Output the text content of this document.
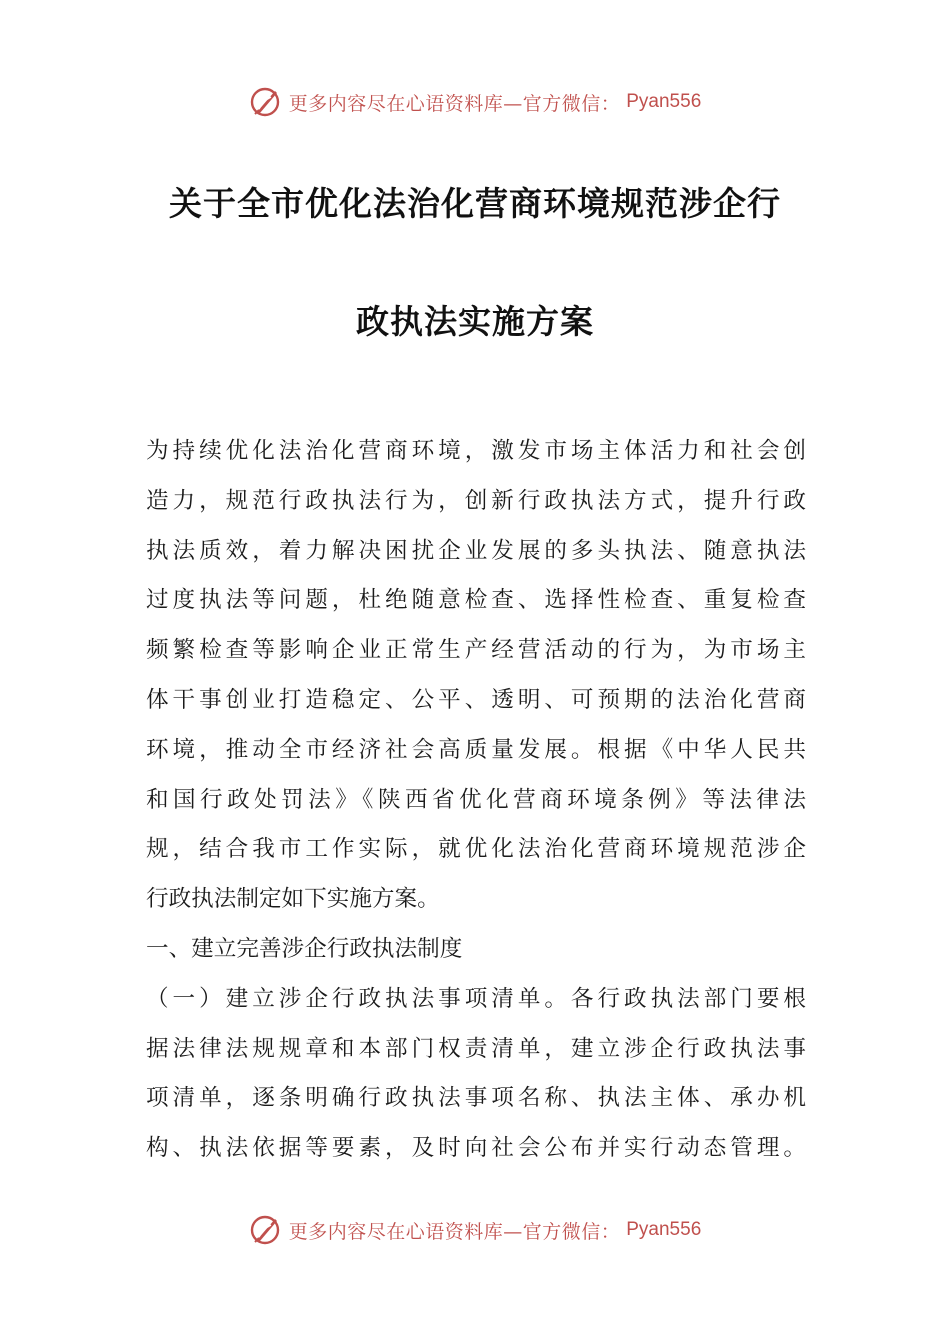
更多内容尽在心语资料库—官方微信： Pyan556
关于全市优化法治化营商环境规范涉企行
政执法实施方案
为持续优化法治化营商环境，激发市场主体活力和社会创
造力，规范行政执法行为，创新行政执法方式，提升行政
执法质效，着力解决困扰企业发展的多头执法、随意执法
过度执法等问题，杜绝随意检查、选择性检查、重复检查
频繁检查等影响企业正常生产经营活动的行为，为市场主
体干事创业打造稳定、公平、透明、可预期的法治化营商
环境，推动全市经济社会高质量发展。根据《中华人民共
和国行政处罚法》《陕西省优化营商环境条例》等法律法
规，结合我市工作实际，就优化法治化营商环境规范涉企
行政执法制定如下实施方案。
一、建立完善涉企行政执法制度
（一）建立涉企行政执法事项清单。各行政执法部门要根
据法律法规规章和本部门权责清单，建立涉企行政执法事
项清单，逐条明确行政执法事项名称、执法主体、承办机
构、执法依据等要素，及时向社会公布并实行动态管理。
更多内容尽在心语资料库—官方微信： Pyan556
